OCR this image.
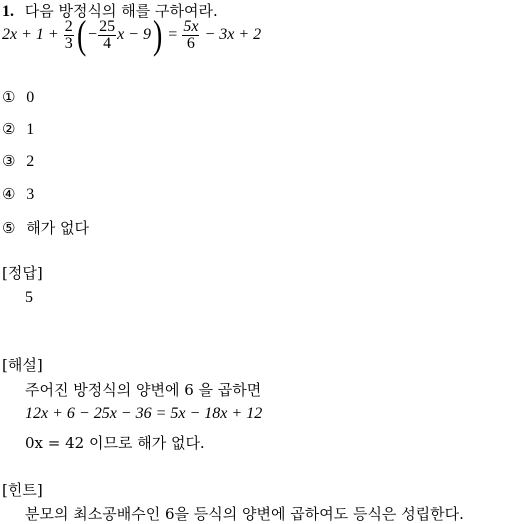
1. 다음 방정식의 해를 구하여라.
$2x + 1 + \frac{2}{3}$ ( − $\frac{25}{4}$ $x - 9) = \frac{5x}{6} - 3x + 2$
① 0
② 1
③ 2
④ 3
⑤ 해가 없다
[정답]
5
[해설]
주어진 방정식의 양변에 6 을 곱하면
12x + 6 − 25x − 36 = 5x − 18x + 12
0x = 42 이므로 해가 없다.
[힌트]
분모의 최소공배수인 6을 등식의 양변에 곱하여도 등식은 성립한다.
